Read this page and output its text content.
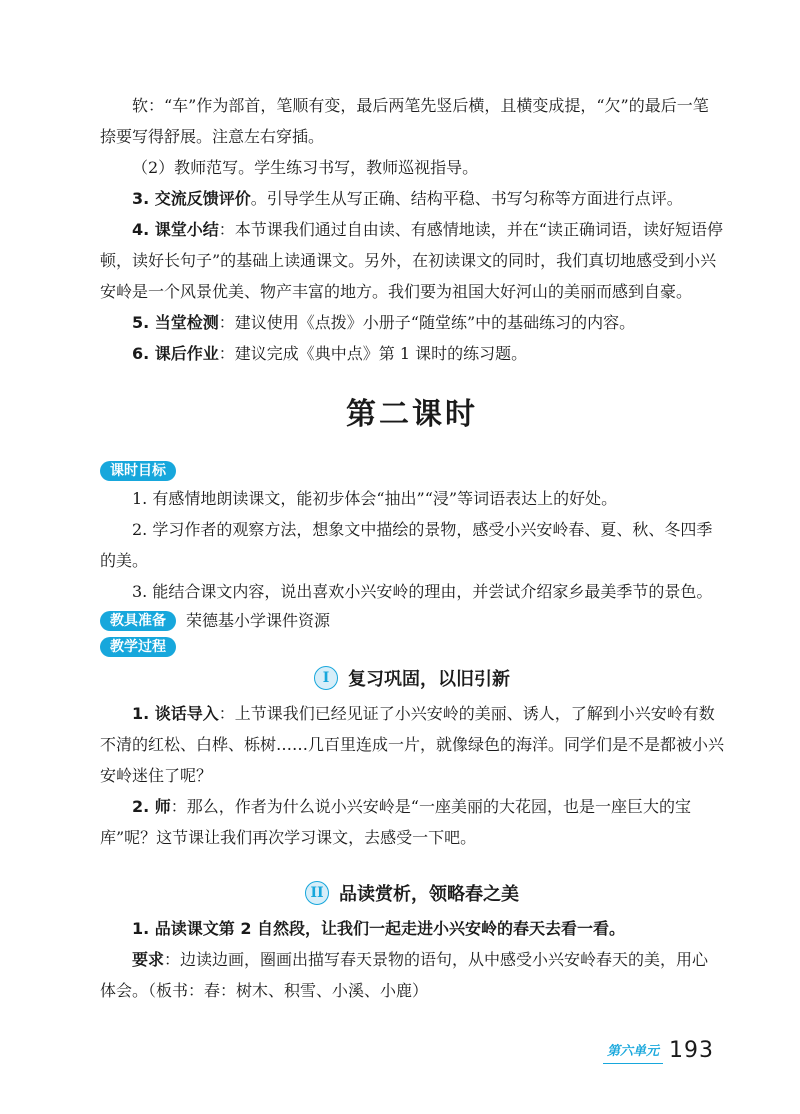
软：“车”作为部首，笔顺有变，最后两笔先竖后横，且横变成提，“欠”的最后一笔捺要写得舒展。注意左右穿插。

（2）教师范写。学生练习书写，教师巡视指导。

3. 交流反馈评价。引导学生从写正确、结构平稳、书写匀称等方面进行点评。

4. 课堂小结：本节课我们通过自由读、有感情地读，并在“读正确词语，读好短语停顿，读好长句子”的基础上读通课文。另外，在初读课文的同时，我们真切地感受到小兴安岭是一个风景优美、物产丰富的地方。我们要为祖国大好河山的美丽而感到自豪。

5. 当堂检测：建议使用《点拨》小册子“随堂练”中的基础练习的内容。

6. 课后作业：建议完成《典中点》第 1 课时的练习题。

第二课时

课时目标

1. 有感情地朗读课文，能初步体会“抽出”“浸”等词语表达上的好处。

2. 学习作者的观察方法，想象文中描绘的景物，感受小兴安岭春、夏、秋、冬四季的美。

3. 能结合课文内容，说出喜欢小兴安岭的理由，并尝试介绍家乡最美季节的景色。

教具准备 荣德基小学课件资源

教学过程

I 复习巩固，以旧引新

1. 谈话导入：上节课我们已经见证了小兴安岭的美丽、诱人，了解到小兴安岭有数不清的红松、白桦、栎树……几百里连成一片，就像绿色的海洋。同学们是不是都被小兴安岭迷住了呢？

2. 师：那么，作者为什么说小兴安岭是“一座美丽的大花园，也是一座巨大的宝库”呢？这节课让我们再次学习课文，去感受一下吧。

II 品读赏析，领略春之美

1. 品读课文第 2 自然段，让我们一起走进小兴安岭的春天去看一看。

要求：边读边画，圈画出描写春天景物的语句，从中感受小兴安岭春天的美，用心体会。（板书：春：树木、积雪、小溪、小鹿）

第六单元 193
